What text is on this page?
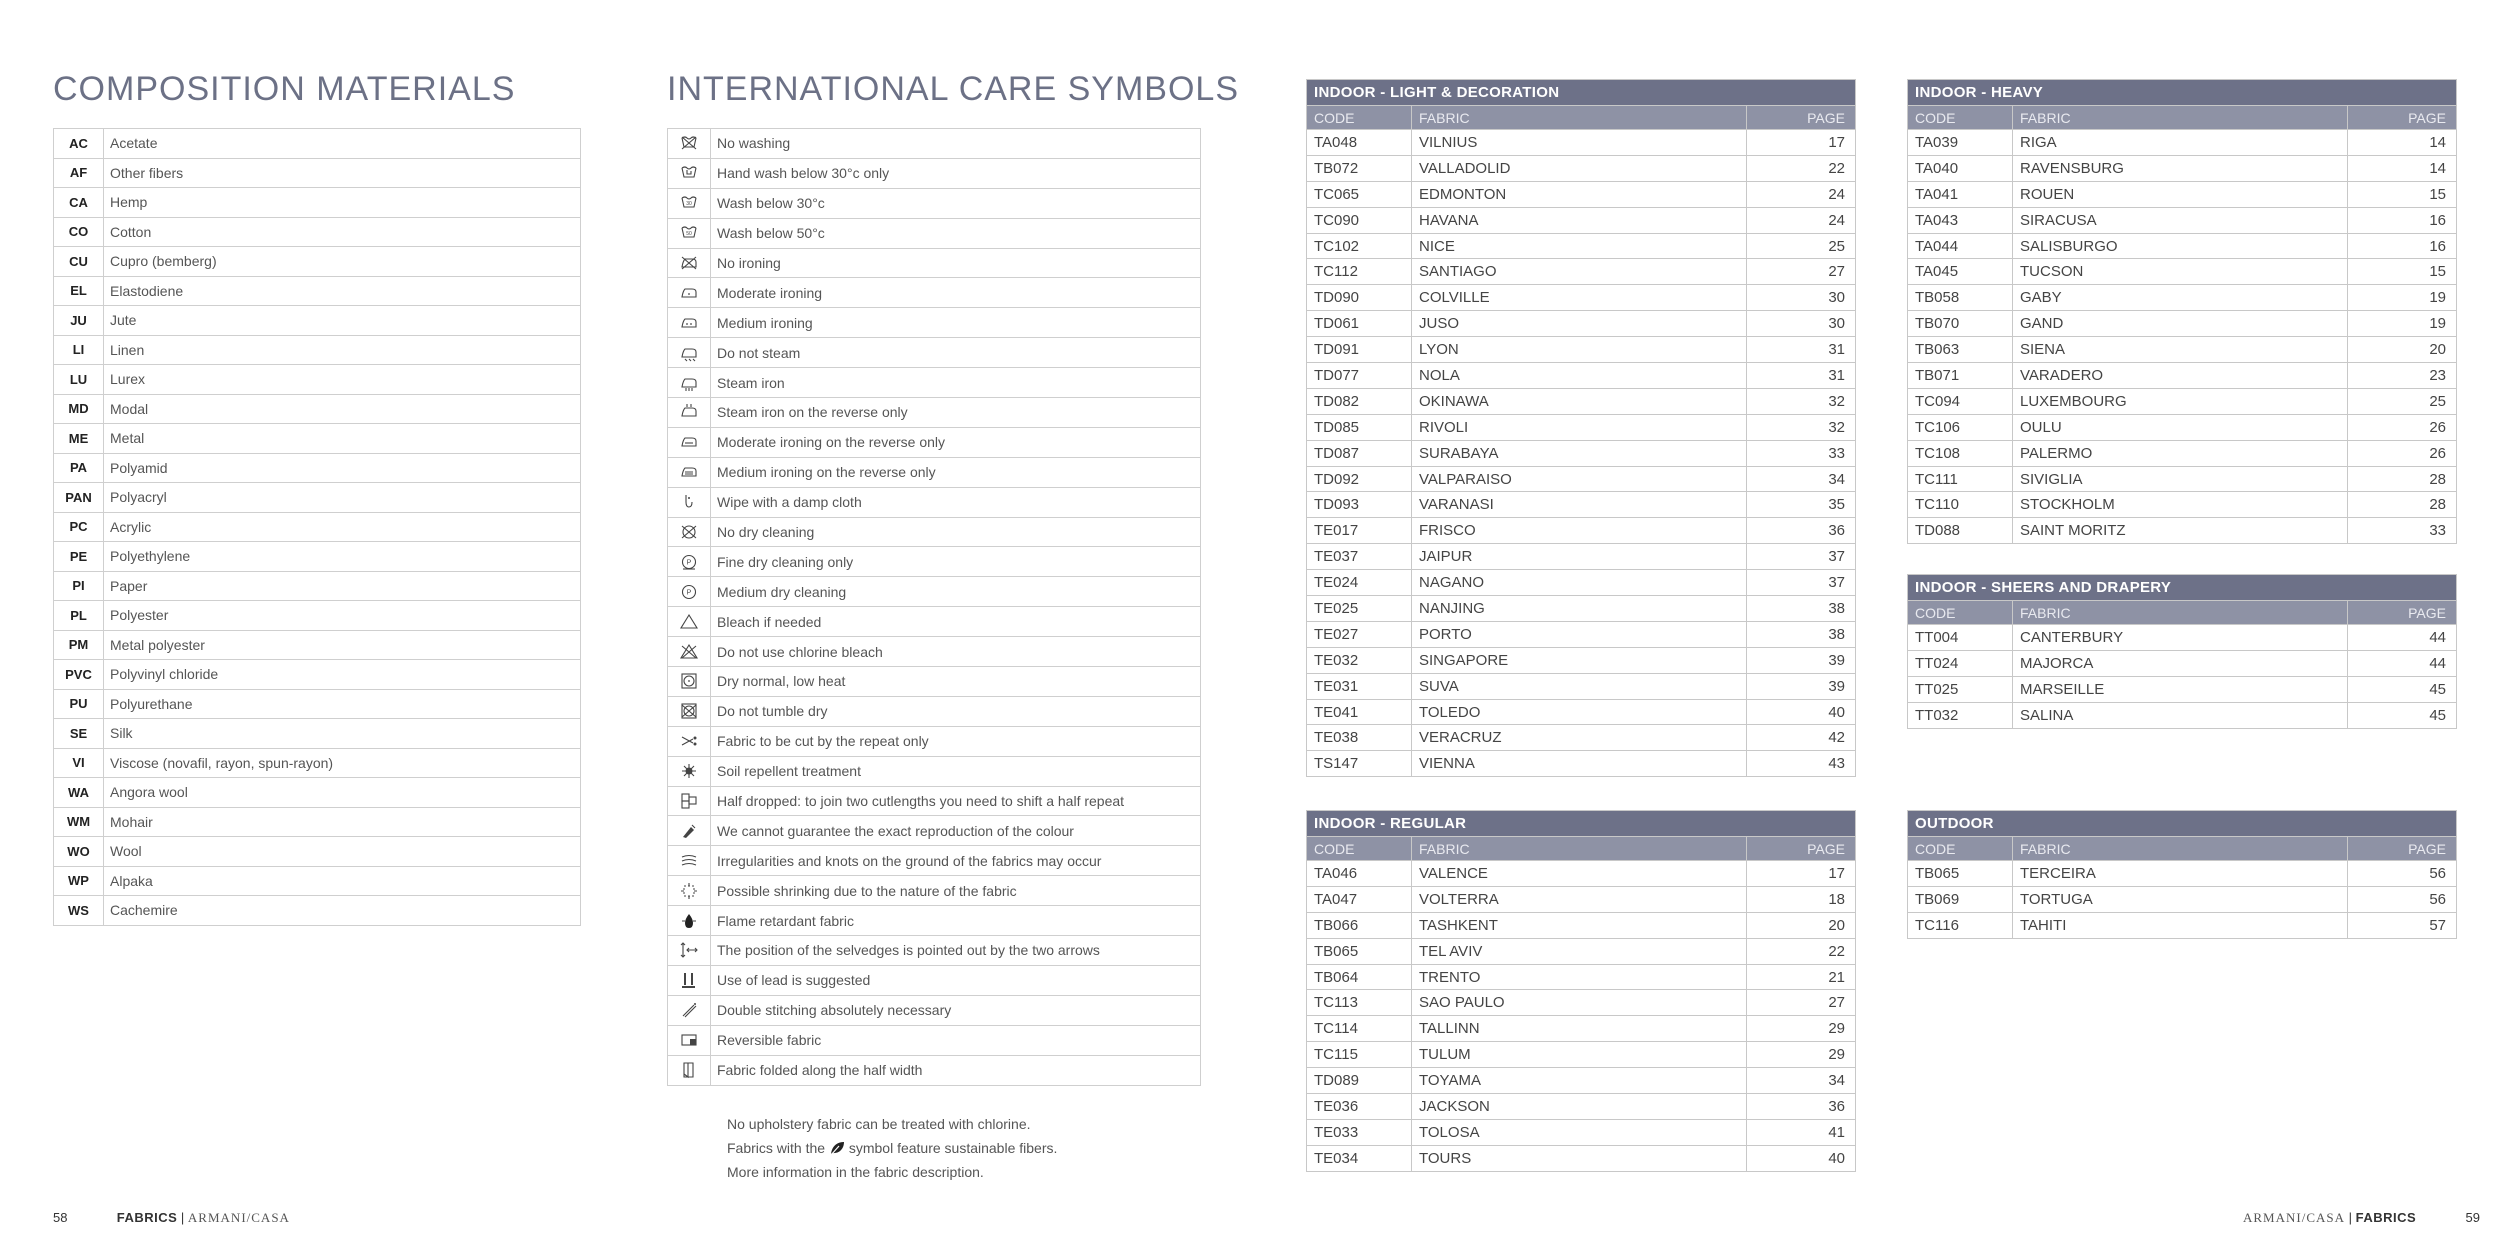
COMPOSITION MATERIALS
AC	Acetate
AF	Other fibers
CA	Hemp
CO	Cotton
CU	Cupro (bemberg)
EL	Elastodiene
JU	Jute
LI	Linen
LU	Lurex
MD	Modal
ME	Metal
PA	Polyamid
PAN	Polyacryl
PC	Acrylic
PE	Polyethylene
PI	Paper
PL	Polyester
PM	Metal polyester
PVC	Polyvinyl chloride
PU	Polyurethane
SE	Silk
VI	Viscose (novafil, rayon, spun-rayon)
WA	Angora wool
WM	Mohair
WO	Wool
WP	Alpaka
WS	Cachemire
INTERNATIONAL CARE SYMBOLS
	No washing

	Hand wash below 30°c only

30	Wash below 30°c

50	Wash below 50°c

	No ironing

	Moderate ironing

	Medium ironing

	Do not steam

	Steam iron

	Steam iron on the reverse only

	Moderate ironing on the reverse only

	Medium ironing on the reverse only

	Wipe with a damp cloth

	No dry cleaning

P	Fine dry cleaning only

P	Medium dry cleaning

	Bleach if needed

	Do not use chlorine bleach

	Dry normal, low heat

	Do not tumble dry

	Fabric to be cut by the repeat only

	Soil repellent treatment

	Half dropped: to join two cutlengths you need to shift a half repeat

	We cannot guarantee the exact reproduction of the colour

	Irregularities and knots on the ground of the fabrics may occur

	Possible shrinking due to the nature of the fabric

	Flame retardant fabric

	The position of the selvedges is pointed out by the two arrows

	Use of lead is suggested

	Double stitching absolutely necessary

	Reversible fabric

	Fabric folded along the half width
No upholstery fabric can be treated with chlorine.
Fabrics with the symbol feature sustainable fibers.
More information in the fabric description.
INDOOR - LIGHT & DECORATION		
CODE	FABRIC	PAGE
TA048	VILNIUS	17
TB072	VALLADOLID	22
TC065	EDMONTON	24
TC090	HAVANA	24
TC102	NICE	25
TC112	SANTIAGO	27
TD090	COLVILLE	30
TD061	JUSO	30
TD091	LYON	31
TD077	NOLA	31
TD082	OKINAWA	32
TD085	RIVOLI	32
TD087	SURABAYA	33
TD092	VALPARAISO	34
TD093	VARANASI	35
TE017	FRISCO	36
TE037	JAIPUR	37
TE024	NAGANO	37
TE025	NANJING	38
TE027	PORTO	38
TE032	SINGAPORE	39
TE031	SUVA	39
TE041	TOLEDO	40
TE038	VERACRUZ	42
TS147	VIENNA	43
INDOOR - REGULAR		
CODE	FABRIC	PAGE
TA046	VALENCE	17
TA047	VOLTERRA	18
TB066	TASHKENT	20
TB065	TEL AVIV	22
TB064	TRENTO	21
TC113	SAO PAULO	27
TC114	TALLINN	29
TC115	TULUM	29
TD089	TOYAMA	34
TE036	JACKSON	36
TE033	TOLOSA	41
TE034	TOURS	40
INDOOR - HEAVY		
CODE	FABRIC	PAGE
TA039	RIGA	14
TA040	RAVENSBURG	14
TA041	ROUEN	15
TA043	SIRACUSA	16
TA044	SALISBURGO	16
TA045	TUCSON	15
TB058	GABY	19
TB070	GAND	19
TB063	SIENA	20
TB071	VARADERO	23
TC094	LUXEMBOURG	25
TC106	OULU	26
TC108	PALERMO	26
TC111	SIVIGLIA	28
TC110	STOCKHOLM	28
TD088	SAINT MORITZ	33
INDOOR - SHEERS AND DRAPERY		
CODE	FABRIC	PAGE
TT004	CANTERBURY	44
TT024	MAJORCA	44
TT025	MARSEILLE	45
TT032	SALINA	45
OUTDOOR		
CODE	FABRIC	PAGE
TB065	TERCEIRA	56
TB069	TORTUGA	56
TC116	TAHITI	57
58	FABRICS | ARMANI/CASA	ARMANI/CASA | FABRICS	59
